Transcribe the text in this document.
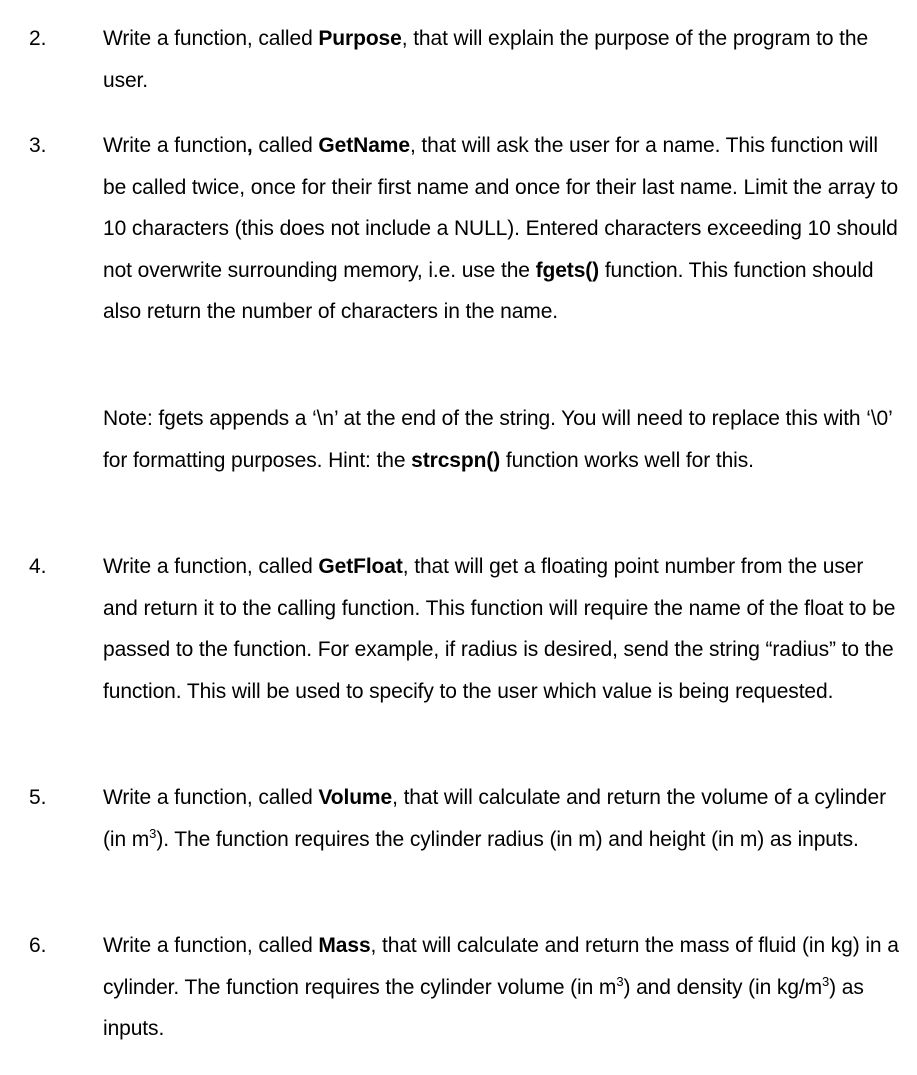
2.	Write a function, called Purpose, that will explain the purpose of the program to the user.
3.	Write a function, called GetName, that will ask the user for a name. This function will be called twice, once for their first name and once for their last name. Limit the array to 10 characters (this does not include a NULL). Entered characters exceeding 10 should not overwrite surrounding memory, i.e. use the fgets() function. This function should also return the number of characters in the name.
Note: fgets appends a ‘\n’ at the end of the string. You will need to replace this with ‘\0’ for formatting purposes. Hint: the strcspn() function works well for this.
4.	Write a function, called GetFloat, that will get a floating point number from the user and return it to the calling function. This function will require the name of the float to be passed to the function. For example, if radius is desired, send the string “radius” to the function. This will be used to specify to the user which value is being requested.
5.	Write a function, called Volume, that will calculate and return the volume of a cylinder (in $m^3$). The function requires the cylinder radius (in m) and height (in m) as inputs.
6.	Write a function, called Mass, that will calculate and return the mass of fluid (in kg) in a cylinder. The function requires the cylinder volume (in $m^3$) and density (in $kg/m^3$) as inputs.
